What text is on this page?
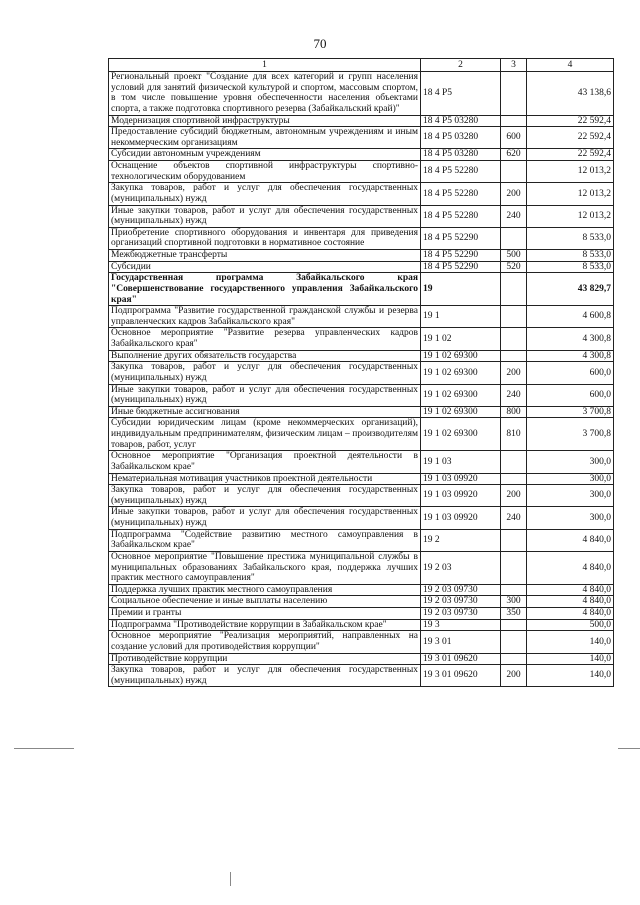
70
1	2	3	4
Региональный проект "Создание для всех категорий и групп населения условий для занятий физической культурой и спортом, массовым спортом, в том числе повышение уровня обеспеченности населения объектами спорта, а также подготовка спортивного резерва (Забайкальский край)"	18 4 P5		43 138,6
Модернизация спортивной инфраструктуры	18 4 P5 03280		22 592,4
Предоставление субсидий бюджетным, автономным учреждениям и иным некоммерческим организациям	18 4 P5 03280	600	22 592,4
Субсидии автономным учреждениям	18 4 P5 03280	620	22 592,4
Оснащение объектов спортивной инфраструктуры спортивно-технологическим оборудованием	18 4 P5 52280		12 013,2
Закупка товаров, работ и услуг для обеспечения государственных (муниципальных) нужд	18 4 P5 52280	200	12 013,2
Иные закупки товаров, работ и услуг для обеспечения государственных (муниципальных) нужд	18 4 P5 52280	240	12 013,2
Приобретение спортивного оборудования и инвентаря для приведения организаций спортивной подготовки в нормативное состояние	18 4 P5 52290		8 533,0
Межбюджетные трансферты	18 4 P5 52290	500	8 533,0
Субсидии	18 4 P5 52290	520	8 533,0
Государственная программа Забайкальского края "Совершенствование государственного управления Забайкальского края"	19		43 829,7
Подпрограмма "Развитие государственной гражданской службы и резерва управленческих кадров Забайкальского края"	19 1		4 600,8
Основное мероприятие "Развитие резерва управленческих кадров Забайкальского края"	19 1 02		4 300,8
Выполнение других обязательств государства	19 1 02 69300		4 300,8
Закупка товаров, работ и услуг для обеспечения государственных (муниципальных) нужд	19 1 02 69300	200	600,0
Иные закупки товаров, работ и услуг для обеспечения государственных (муниципальных) нужд	19 1 02 69300	240	600,0
Иные бюджетные ассигнования	19 1 02 69300	800	3 700,8
Субсидии юридическим лицам (кроме некоммерческих организаций), индивидуальным предпринимателям, физическим лицам – производителям товаров, работ, услуг	19 1 02 69300	810	3 700,8
Основное мероприятие "Организация проектной деятельности в Забайкальском крае"	19 1 03		300,0
Нематериальная мотивация участников проектной деятельности	19 1 03 09920		300,0
Закупка товаров, работ и услуг для обеспечения государственных (муниципальных) нужд	19 1 03 09920	200	300,0
Иные закупки товаров, работ и услуг для обеспечения государственных (муниципальных) нужд	19 1 03 09920	240	300,0
Подпрограмма "Содействие развитию местного самоуправления в Забайкальском крае"	19 2		4 840,0
Основное мероприятие "Повышение престижа муниципальной службы в муниципальных образованиях Забайкальского края, поддержка лучших практик местного самоуправления"	19 2 03		4 840,0
Поддержка лучших практик местного самоуправления	19 2 03 09730		4 840,0
Социальное обеспечение и иные выплаты населению	19 2 03 09730	300	4 840,0
Премии и гранты	19 2 03 09730	350	4 840,0
Подпрограмма "Противодействие коррупции в Забайкальском крае"	19 3		500,0
Основное мероприятие "Реализация мероприятий, направленных на создание условий для противодействия коррупции"	19 3 01		140,0
Противодействие коррупции	19 3 01 09620		140,0
Закупка товаров, работ и услуг для обеспечения государственных (муниципальных) нужд	19 3 01 09620	200	140,0
